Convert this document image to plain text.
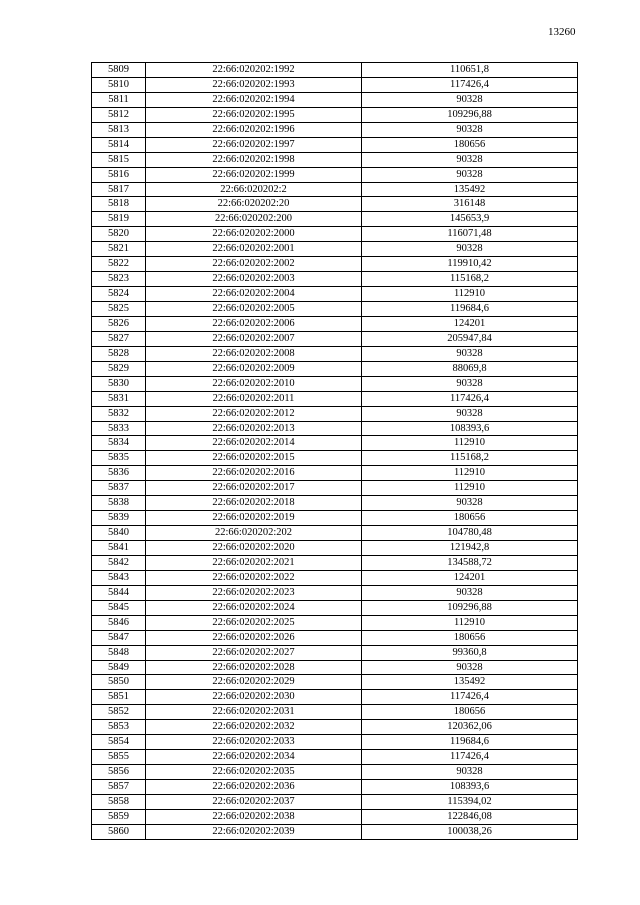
13260
5809	22:66:020202:1992	110651,8
5810	22:66:020202:1993	117426,4
5811	22:66:020202:1994	90328
5812	22:66:020202:1995	109296,88
5813	22:66:020202:1996	90328
5814	22:66:020202:1997	180656
5815	22:66:020202:1998	90328
5816	22:66:020202:1999	90328
5817	22:66:020202:2	135492
5818	22:66:020202:20	316148
5819	22:66:020202:200	145653,9
5820	22:66:020202:2000	116071,48
5821	22:66:020202:2001	90328
5822	22:66:020202:2002	119910,42
5823	22:66:020202:2003	115168,2
5824	22:66:020202:2004	112910
5825	22:66:020202:2005	119684,6
5826	22:66:020202:2006	124201
5827	22:66:020202:2007	205947,84
5828	22:66:020202:2008	90328
5829	22:66:020202:2009	88069,8
5830	22:66:020202:2010	90328
5831	22:66:020202:2011	117426,4
5832	22:66:020202:2012	90328
5833	22:66:020202:2013	108393,6
5834	22:66:020202:2014	112910
5835	22:66:020202:2015	115168,2
5836	22:66:020202:2016	112910
5837	22:66:020202:2017	112910
5838	22:66:020202:2018	90328
5839	22:66:020202:2019	180656
5840	22:66:020202:202	104780,48
5841	22:66:020202:2020	121942,8
5842	22:66:020202:2021	134588,72
5843	22:66:020202:2022	124201
5844	22:66:020202:2023	90328
5845	22:66:020202:2024	109296,88
5846	22:66:020202:2025	112910
5847	22:66:020202:2026	180656
5848	22:66:020202:2027	99360,8
5849	22:66:020202:2028	90328
5850	22:66:020202:2029	135492
5851	22:66:020202:2030	117426,4
5852	22:66:020202:2031	180656
5853	22:66:020202:2032	120362,06
5854	22:66:020202:2033	119684,6
5855	22:66:020202:2034	117426,4
5856	22:66:020202:2035	90328
5857	22:66:020202:2036	108393,6
5858	22:66:020202:2037	115394,02
5859	22:66:020202:2038	122846,08
5860	22:66:020202:2039	100038,26
